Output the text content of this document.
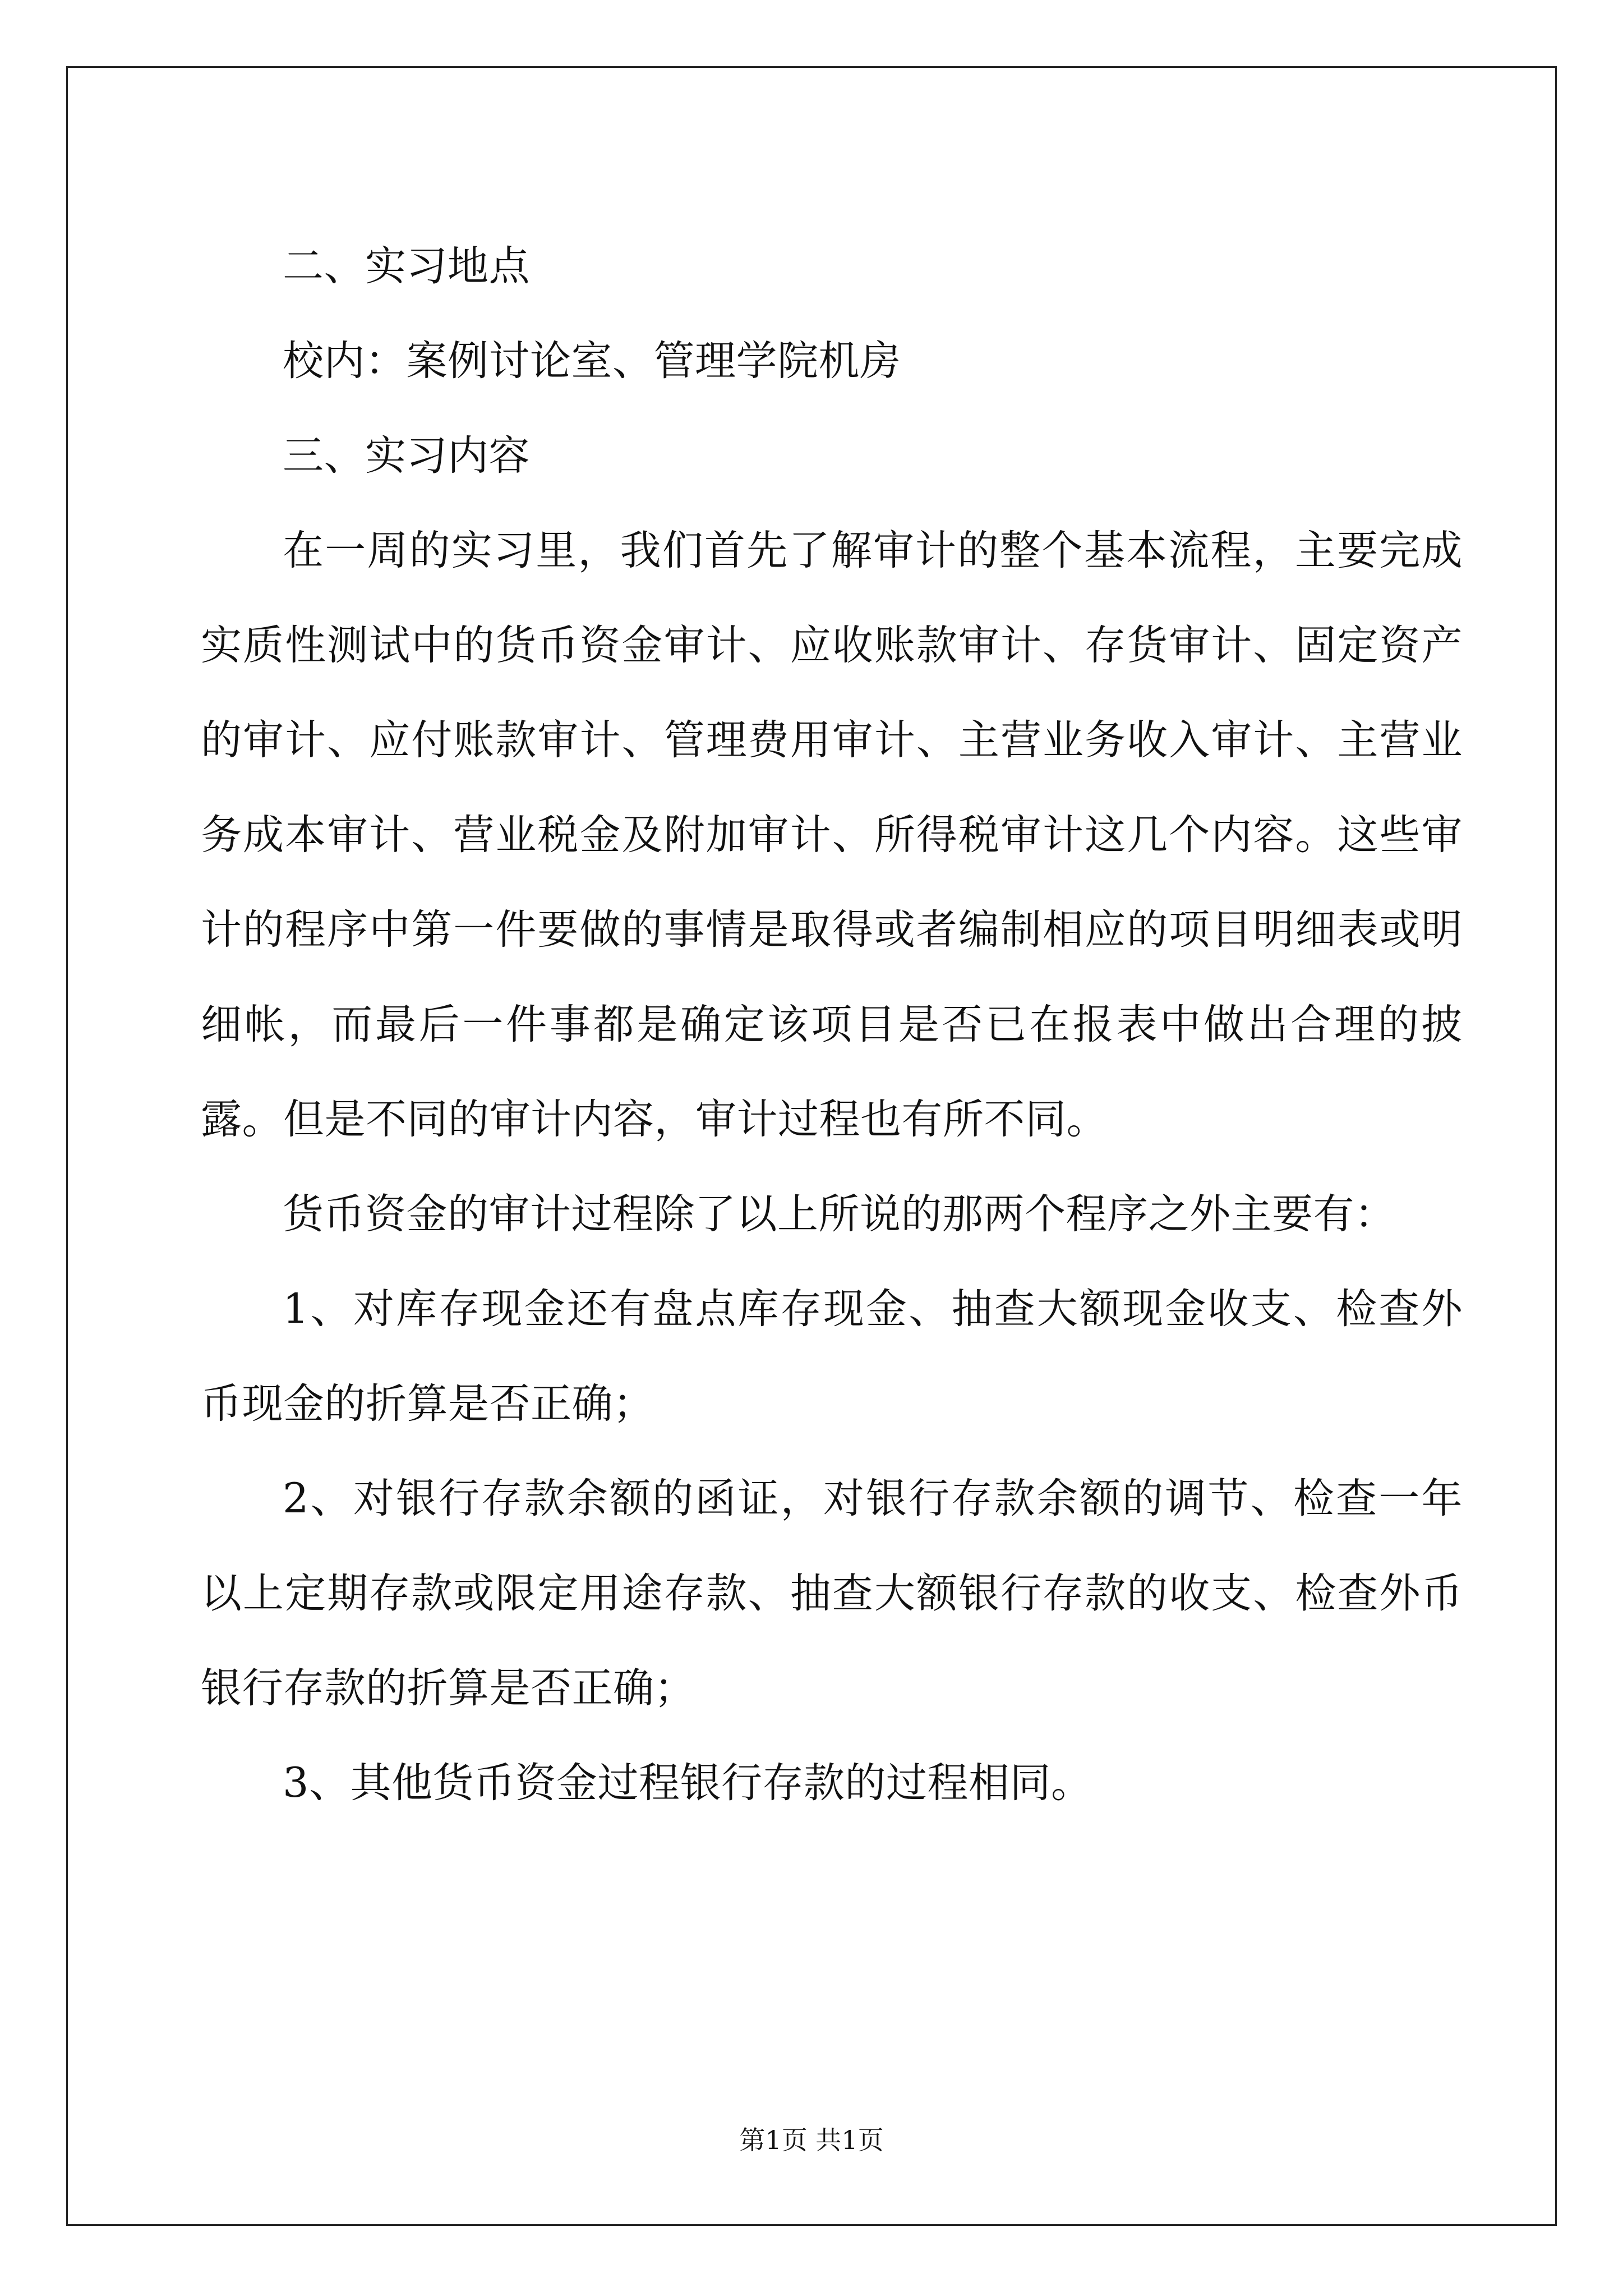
二、实习地点

校内：案例讨论室、管理学院机房

三、实习内容

在一周的实习里，我们首先了解审计的整个基本流程，主要完成实质性测试中的货币资金审计、应收账款审计、存货审计、固定资产的审计、应付账款审计、管理费用审计、主营业务收入审计、主营业务成本审计、营业税金及附加审计、所得税审计这几个内容。这些审计的程序中第一件要做的事情是取得或者编制相应的项目明细表或明细帐，而最后一件事都是确定该项目是否已在报表中做出合理的披露。但是不同的审计内容，审计过程也有所不同。

货币资金的审计过程除了以上所说的那两个程序之外主要有：

1、对库存现金还有盘点库存现金、抽查大额现金收支、检查外币现金的折算是否正确；

2、对银行存款余额的函证，对银行存款余额的调节、检查一年以上定期存款或限定用途存款、抽查大额银行存款的收支、检查外币银行存款的折算是否正确；

3、其他货币资金过程银行存款的过程相同。

第1页 共1页
